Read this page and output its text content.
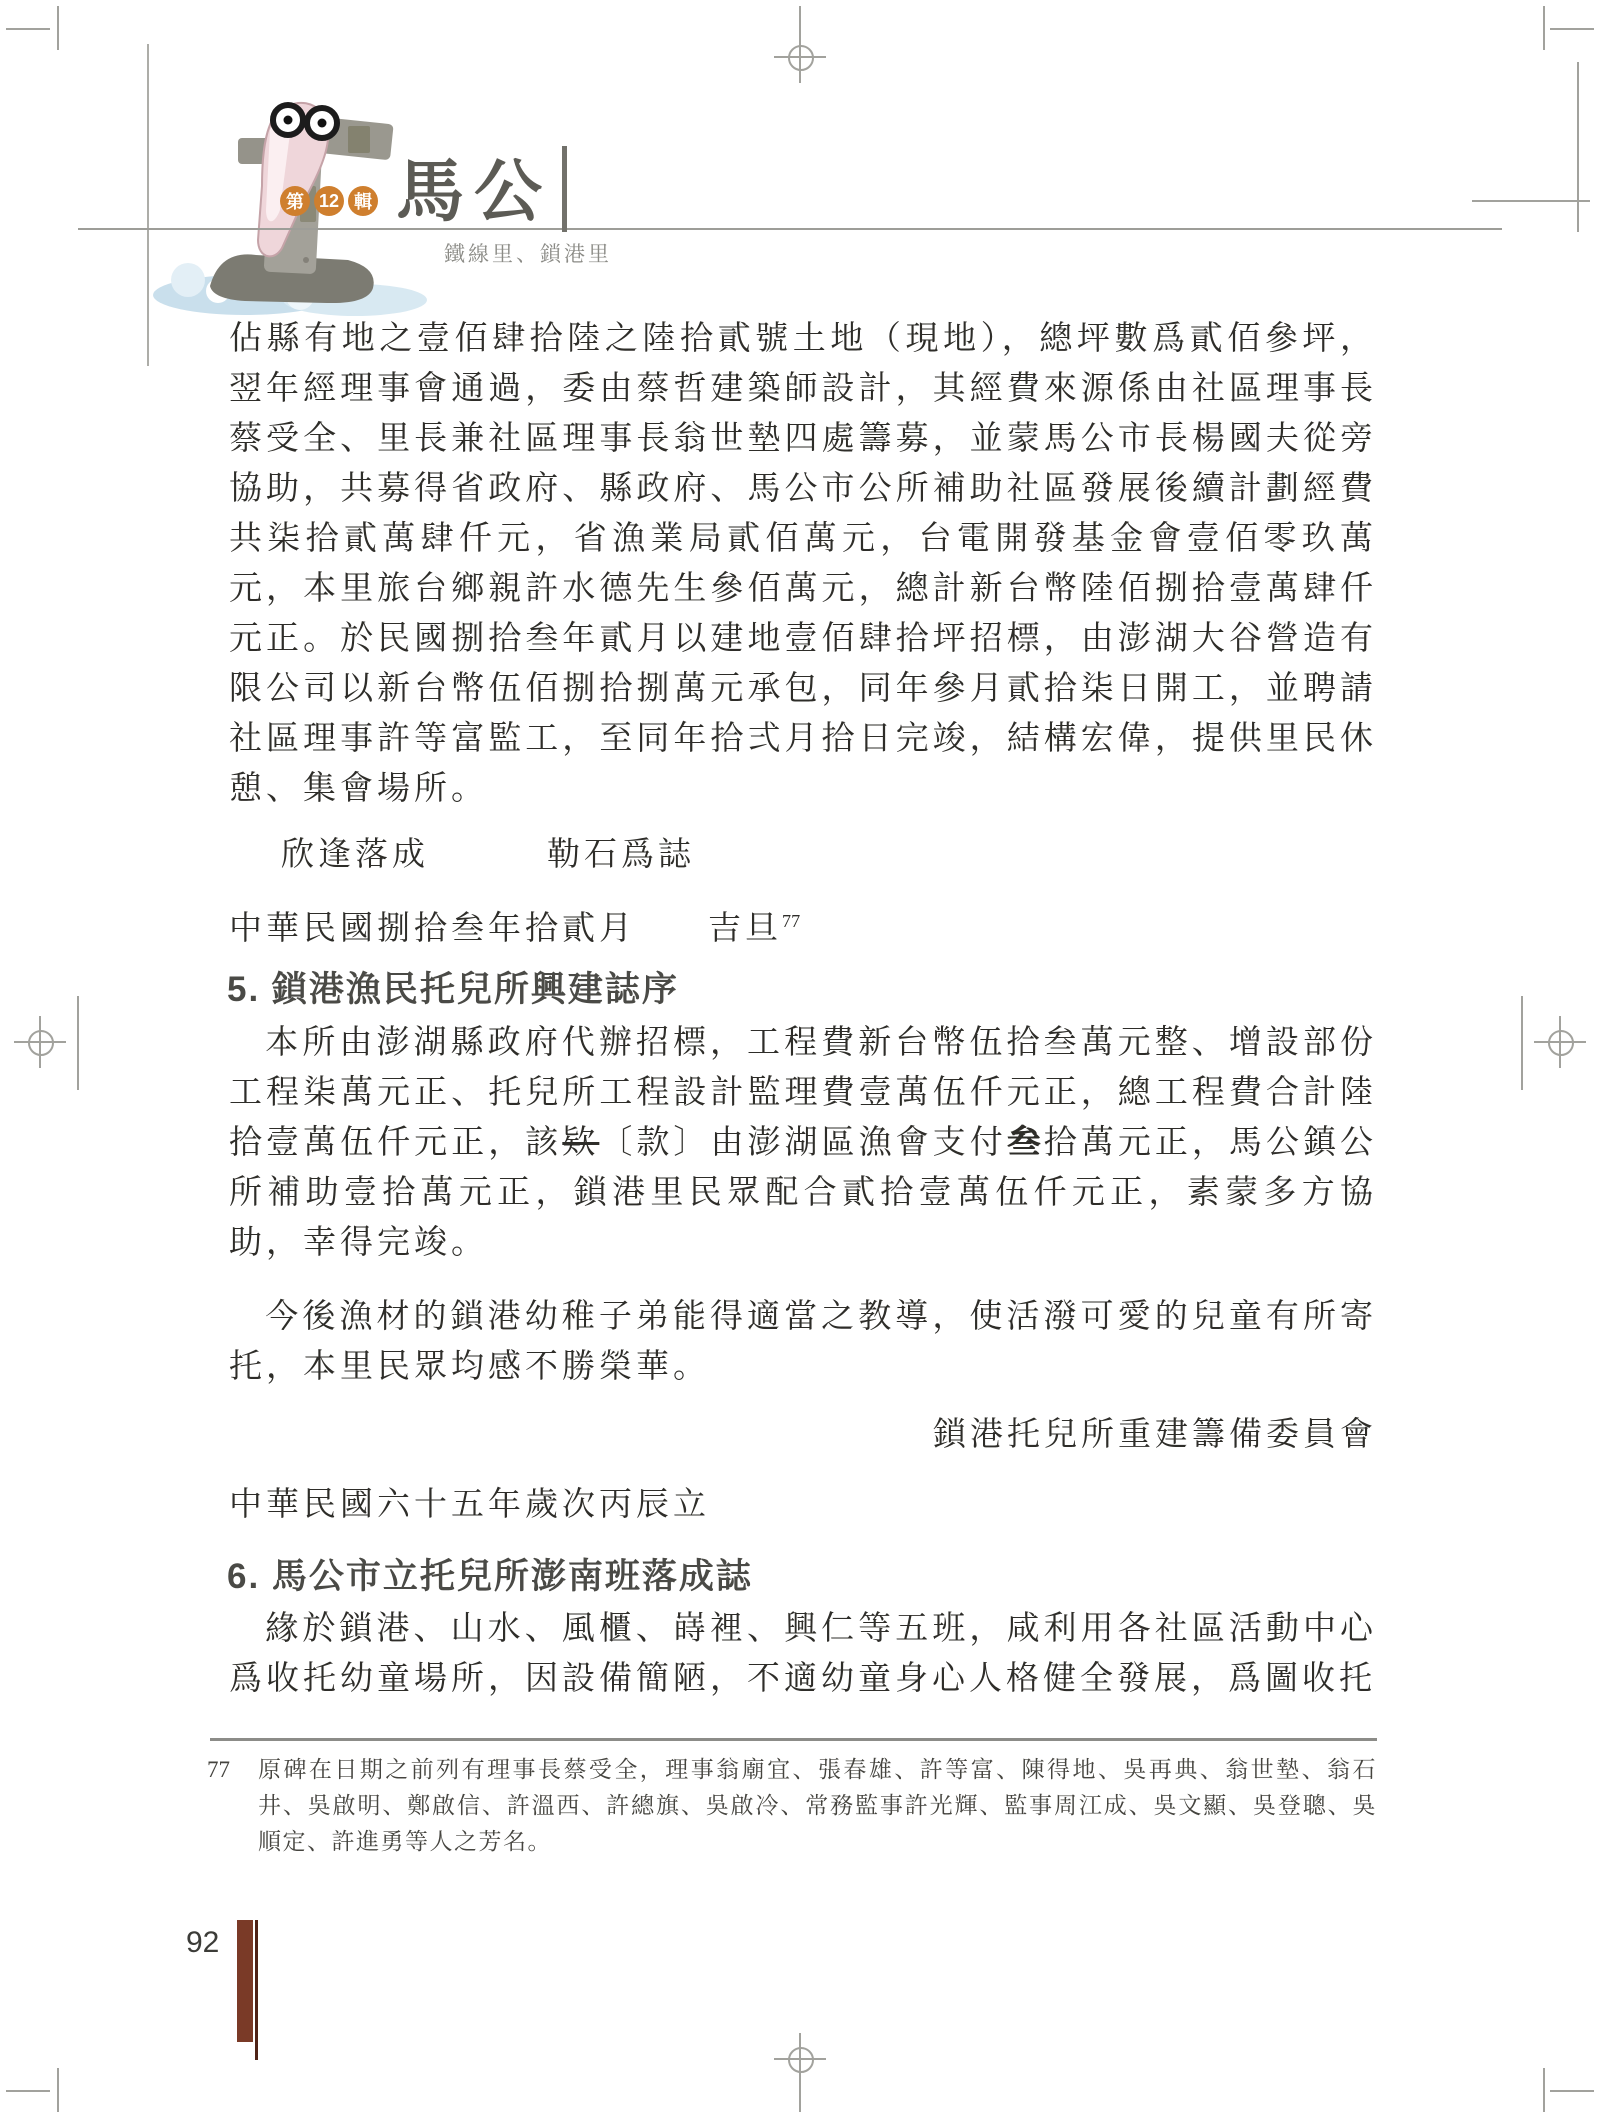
第 12 輯 馬公
鐵線里、鎖港里

佔縣有地之壹佰肆拾陸之陸拾貳號土地（現地），總坪數爲貳佰參坪，翌年經理事會通過，委由蔡哲建築師設計，其經費來源係由社區理事長蔡受全、里長兼社區理事長翁世墊四處籌募，並蒙馬公市長楊國夫從旁協助，共募得省政府、縣政府、馬公市公所補助社區發展後續計劃經費共柒拾貳萬肆仟元，省漁業局貳佰萬元，台電開發基金會壹佰零玖萬元，本里旅台鄉親許水德先生參佰萬元，總計新台幣陸佰捌拾壹萬肆仟元正。於民國捌拾叁年貳月以建地壹佰肆拾坪招標，由澎湖大谷營造有限公司以新台幣伍佰捌拾捌萬元承包，同年參月貳拾柒日開工，並聘請社區理事許等富監工，至同年拾弍月拾日完竣，結構宏偉，提供里民休憩、集會場所。

欣逢落成	勒石爲誌

中華民國捌拾叁年拾貳月 吉旦$^{77}$

5. 鎖港漁民托兒所興建誌序

本所由澎湖縣政府代辦招標，工程費新台幣伍拾叁萬元整、增設部份工程柒萬元正、托兒所工程設計監理費壹萬伍仟元正，總工程費合計陸拾壹萬伍仟元正，該欵〔款〕由澎湖區漁會支付叁拾萬元正，馬公鎮公所補助壹拾萬元正，鎖港里民眾配合貳拾壹萬伍仟元正，素蒙多方協助，幸得完竣。

今後漁材的鎖港幼稚子弟能得適當之教導，使活潑可愛的兒童有所寄托，本里民眾均感不勝榮華。

鎖港托兒所重建籌備委員會

中華民國六十五年歲次丙辰立

6. 馬公市立托兒所澎南班落成誌

緣於鎖港、山水、風櫃、嵵裡、興仁等五班，咸利用各社區活動中心爲收托幼童場所，因設備簡陋，不適幼童身心人格健全發展，爲圖收托

77 原碑在日期之前列有理事長蔡受全，理事翁廟宜、張春雄、許等富、陳得地、吳再典、翁世墊、翁石井、吳啟明、鄭啟信、許溫西、許總旗、吳啟冷、常務監事許光輝、監事周江成、吳文顯、吳登聰、吳順定、許進勇等人之芳名。

92
